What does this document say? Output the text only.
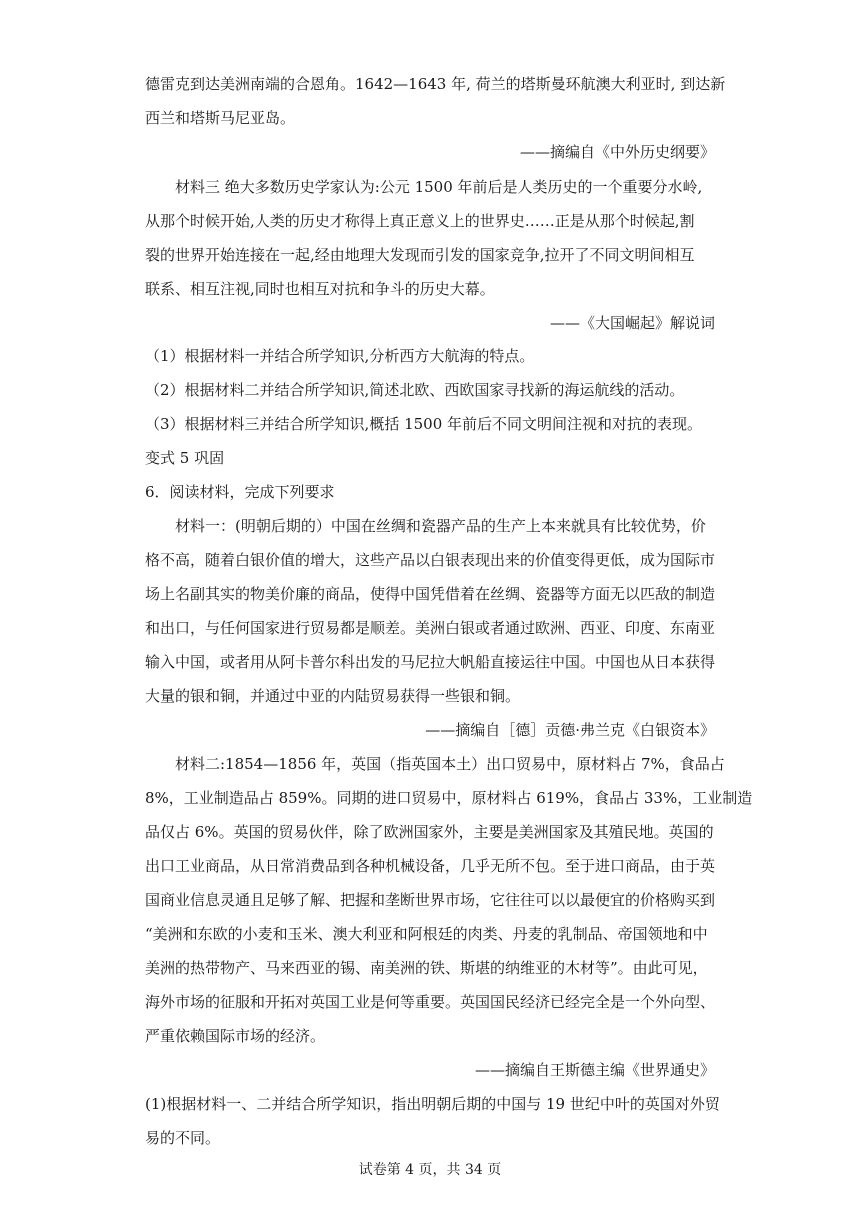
德雷克到达美洲南端的合恩角。1642—1643 年, 荷兰的塔斯曼环航澳大利亚时, 到达新
西兰和塔斯马尼亚岛。
——摘编自《中外历史纲要》
材料三 绝大多数历史学家认为:公元 1500 年前后是人类历史的一个重要分水岭,
从那个时候开始,人类的历史才称得上真正意义上的世界史……正是从那个时候起,割
裂的世界开始连接在一起,经由地理大发现而引发的国家竞争,拉开了不同文明间相互
联系、相互注视,同时也相互对抗和争斗的历史大幕。
——《大国崛起》解说词
（1）根据材料一并结合所学知识,分析西方大航海的特点。
（2）根据材料二并结合所学知识,简述北欧、西欧国家寻找新的海运航线的活动。
（3）根据材料三并结合所学知识,概括 1500 年前后不同文明间注视和对抗的表现。
变式 5 巩固
6．阅读材料，完成下列要求
材料一：(明朝后期的）中国在丝绸和瓷器产品的生产上本来就具有比较优势，价
格不高，随着白银价值的增大，这些产品以白银表现出来的价值变得更低，成为国际市
场上名副其实的物美价廉的商品，使得中国凭借着在丝绸、瓷器等方面无以匹敌的制造
和出口，与任何国家进行贸易都是顺差。美洲白银或者通过欧洲、西亚、印度、东南亚
输入中国，或者用从阿卡普尔科出发的马尼拉大帆船直接运往中国。中国也从日本获得
大量的银和铜，并通过中亚的内陆贸易获得一些银和铜。
——摘编自［德］贡德·弗兰克《白银资本》
材料二:1854—1856 年，英国（指英国本土）出口贸易中，原材料占 7%，食品占
8%，工业制造品占 859%。同期的进口贸易中，原材料占 619%，食品占 33%，工业制造
品仅占 6%。英国的贸易伙伴，除了欧洲国家外，主要是美洲国家及其殖民地。英国的
出口工业商品，从日常消费品到各种机械设备，几乎无所不包。至于进口商品，由于英
国商业信息灵通且足够了解、把握和垄断世界市场，它往往可以以最便宜的价格购买到
“美洲和东欧的小麦和玉米、澳大利亚和阿根廷的肉类、丹麦的乳制品、帝国领地和中
美洲的热带物产、马来西亚的锡、南美洲的铁、斯堪的纳维亚的木材等”。由此可见，
海外市场的征服和开拓对英国工业是何等重要。英国国民经济已经完全是一个外向型、
严重依赖国际市场的经济。
——摘编自王斯德主编《世界通史》
(1)根据材料一、二并结合所学知识，指出明朝后期的中国与 19 世纪中叶的英国对外贸
易的不同。
试卷第 4 页，共 34 页
